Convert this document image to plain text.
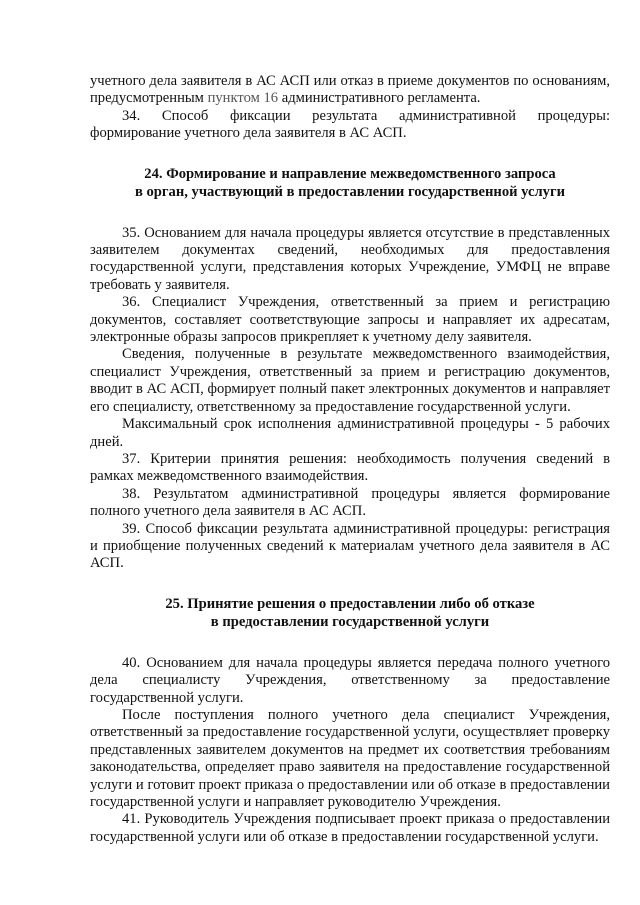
учетного дела заявителя в АС АСП или отказ в приеме документов по основаниям, предусмотренным пунктом 16 административного регламента.

34. Способ фиксации результата административной процедуры: формирование учетного дела заявителя в АС АСП.

24. Формирование и направление межведомственного запроса

в орган, участвующий в предоставлении государственной услуги

35. Основанием для начала процедуры является отсутствие в представленных заявителем документах сведений, необходимых для предоставления государственной услуги, представления которых Учреждение, УМФЦ не вправе требовать у заявителя.

36. Специалист Учреждения, ответственный за прием и регистрацию документов, составляет соответствующие запросы и направляет их адресатам, электронные образы запросов прикрепляет к учетному делу заявителя.

Сведения, полученные в результате межведомственного взаимодействия, специалист Учреждения, ответственный за прием и регистрацию документов, вводит в АС АСП, формирует полный пакет электронных документов и направляет его специалисту, ответственному за предоставление государственной услуги.

Максимальный срок исполнения административной процедуры - 5 рабочих дней.

37. Критерии принятия решения: необходимость получения сведений в рамках межведомственного взаимодействия.

38. Результатом административной процедуры является формирование полного учетного дела заявителя в АС АСП.

39. Способ фиксации результата административной процедуры: регистрация и приобщение полученных сведений к материалам учетного дела заявителя в АС АСП.

25. Принятие решения о предоставлении либо об отказе

в предоставлении государственной услуги

40. Основанием для начала процедуры является передача полного учетного дела специалисту Учреждения, ответственному за предоставление государственной услуги.

После поступления полного учетного дела специалист Учреждения, ответственный за предоставление государственной услуги, осуществляет проверку представленных заявителем документов на предмет их соответствия требованиям законодательства, определяет право заявителя на предоставление государственной услуги и готовит проект приказа о предоставлении или об отказе в предоставлении государственной услуги и направляет руководителю Учреждения.

41. Руководитель Учреждения подписывает проект приказа о предоставлении государственной услуги или об отказе в предоставлении государственной услуги.
